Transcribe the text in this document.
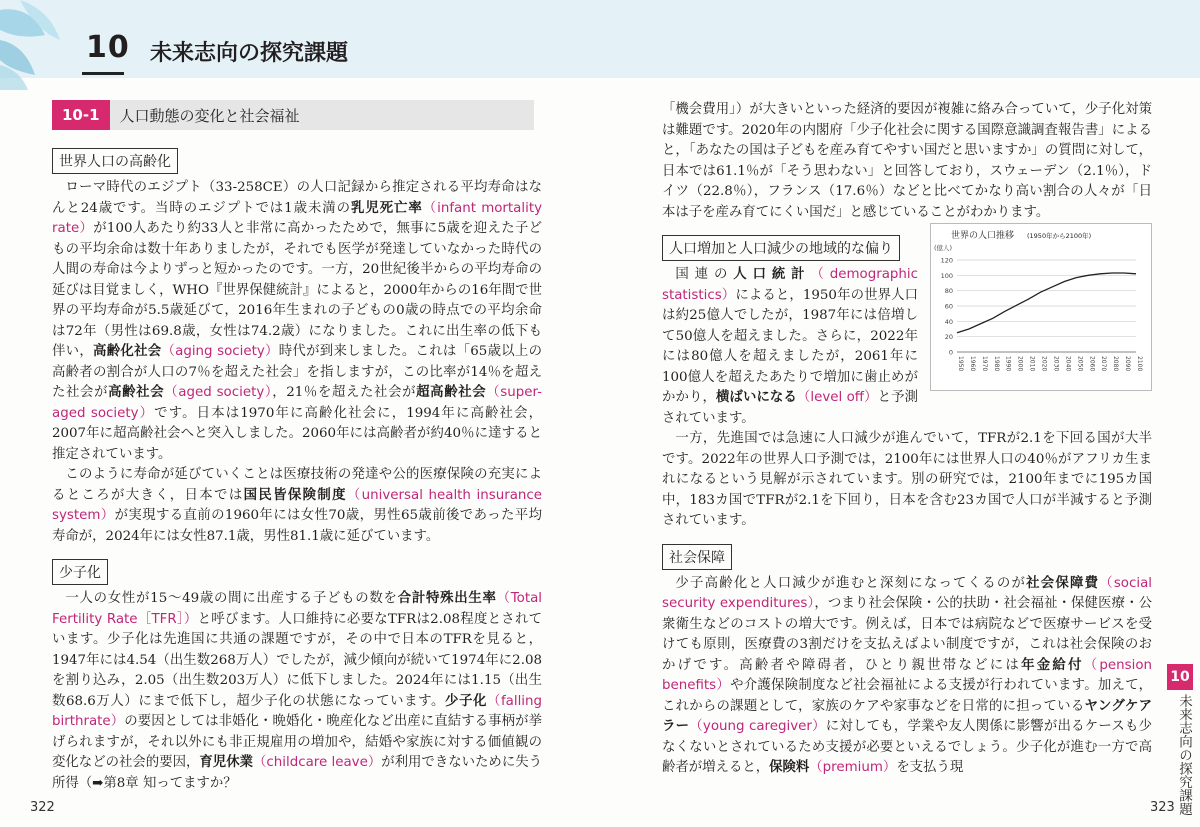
10 未来志向の探究課題
10-1	人口動態の変化と社会福祉
世界人口の高齢化

ローマ時代のエジプト（33-258CE）の人口記録から推定される平均寿命はなんと24歳です。当時のエジプトでは1歳未満の乳児死亡率（infant mortality rate）が100人あたり約33人と非常に高かったためで，無事に5歳を迎えた子どもの平均余命は数十年ありましたが，それでも医学が発達していなかった時代の人間の寿命は今よりずっと短かったのです。一方，20世紀後半からの平均寿命の延びは目覚ましく，WHO『世界保健統計』によると，2000年からの16年間で世界の平均寿命が5.5歳延びて，2016年生まれの子どもの0歳の時点での平均余命は72年（男性は69.8歳，女性は74.2歳）になりました。これに出生率の低下も伴い，高齢化社会（aging society）時代が到来しました。これは「65歳以上の高齢者の割合が人口の7％を超えた社会」を指しますが，この比率が14％を超えた社会が高齢社会（aged society），21％を超えた社会が超高齢社会（super-aged society）です。日本は1970年に高齢化社会に，1994年に高齢社会，2007年に超高齢社会へと突入しました。2060年には高齢者が約40％に達すると推定されています。

このように寿命が延びていくことは医療技術の発達や公的医療保険の充実によるところが大きく，日本では国民皆保険制度（universal health insurance system）が実現する直前の1960年には女性70歳，男性65歳前後であった平均寿命が，2024年には女性87.1歳，男性81.1歳に延びています。

少子化

一人の女性が15～49歳の間に出産する子どもの数を合計特殊出生率（Total Fertility Rate［TFR］）と呼びます。人口維持に必要なTFRは2.08程度とされています。少子化は先進国に共通の課題ですが，その中で日本のTFRを見ると，1947年には4.54（出生数268万人）でしたが，減少傾向が続いて1974年に2.08を割り込み，2.05（出生数203万人）に低下しました。2024年には1.15（出生数68.6万人）にまで低下し，超少子化の状態になっています。少子化（falling birthrate）の要因としては非婚化・晩婚化・晩産化など出産に直結する事柄が挙げられますが，それ以外にも非正規雇用の増加や，結婚や家族に対する価値観の変化などの社会的要因，育児休業（childcare leave）が利用できないために失う所得（➡第8章 知ってますか？

「機会費用」）が大きいといった経済的要因が複雑に絡み合っていて，少子化対策は難題です。2020年の内閣府「少子化社会に関する国際意識調査報告書」によると，「あなたの国は子どもを産み育てやすい国だと思いますか」の質問に対して，日本では61.1％が「そう思わない」と回答しており，スウェーデン（2.1％），ドイツ（22.8％），フランス（17.6％）などと比べてかなり高い割合の人々が「日本は子を産み育てにくい国だ」と感じていることがわかります。

人口増加と人口減少の地域的な偏り
世界の人口推移 (1950年から2100年)
(億人)
0
20
40
60
80
100
120
1950 1960 1970 1980 1990 2000 2010 2020 2030 2040 2050 2060 2070 2080 2090 2100

国連の人口統計（demographic statistics）によると，1950年の世界人口は約25億人でしたが，1987年には倍増して50億人を超えました。さらに，2022年には80億人を超えましたが，2061年に100億人を超えたあたりで増加に歯止めがかかり，横ばいになる（level off）と予測されています。

一方，先進国では急速に人口減少が進んでいて，TFRが2.1を下回る国が大半です。2022年の世界人口予測では，2100年には世界人口の40％がアフリカ生まれになるという見解が示されています。別の研究では，2100年までに195カ国中，183カ国でTFRが2.1を下回り，日本を含む23カ国で人口が半減すると予測されています。

社会保障

少子高齢化と人口減少が進むと深刻になってくるのが社会保障費（social security expenditures），つまり社会保険・公的扶助・社会福祉・保健医療・公衆衛生などのコストの増大です。例えば，日本では病院などで医療サービスを受けても原則，医療費の3割だけを支払えばよい制度ですが，これは社会保険のおかげです。高齢者や障碍者，ひとり親世帯などには年金給付（pension benefits）や介護保険制度など社会福祉による支援が行われています。加えて，これからの課題として，家族のケアや家事などを日常的に担っているヤングケアラー（young caregiver）に対しても，学業や友人関係に影響が出るケースも少なくないとされているため支援が必要といえるでしょう。少子化が進む一方で高齢者が増えると，保険料（premium）を支払う現

10
未来志向の探究課題
322	323
